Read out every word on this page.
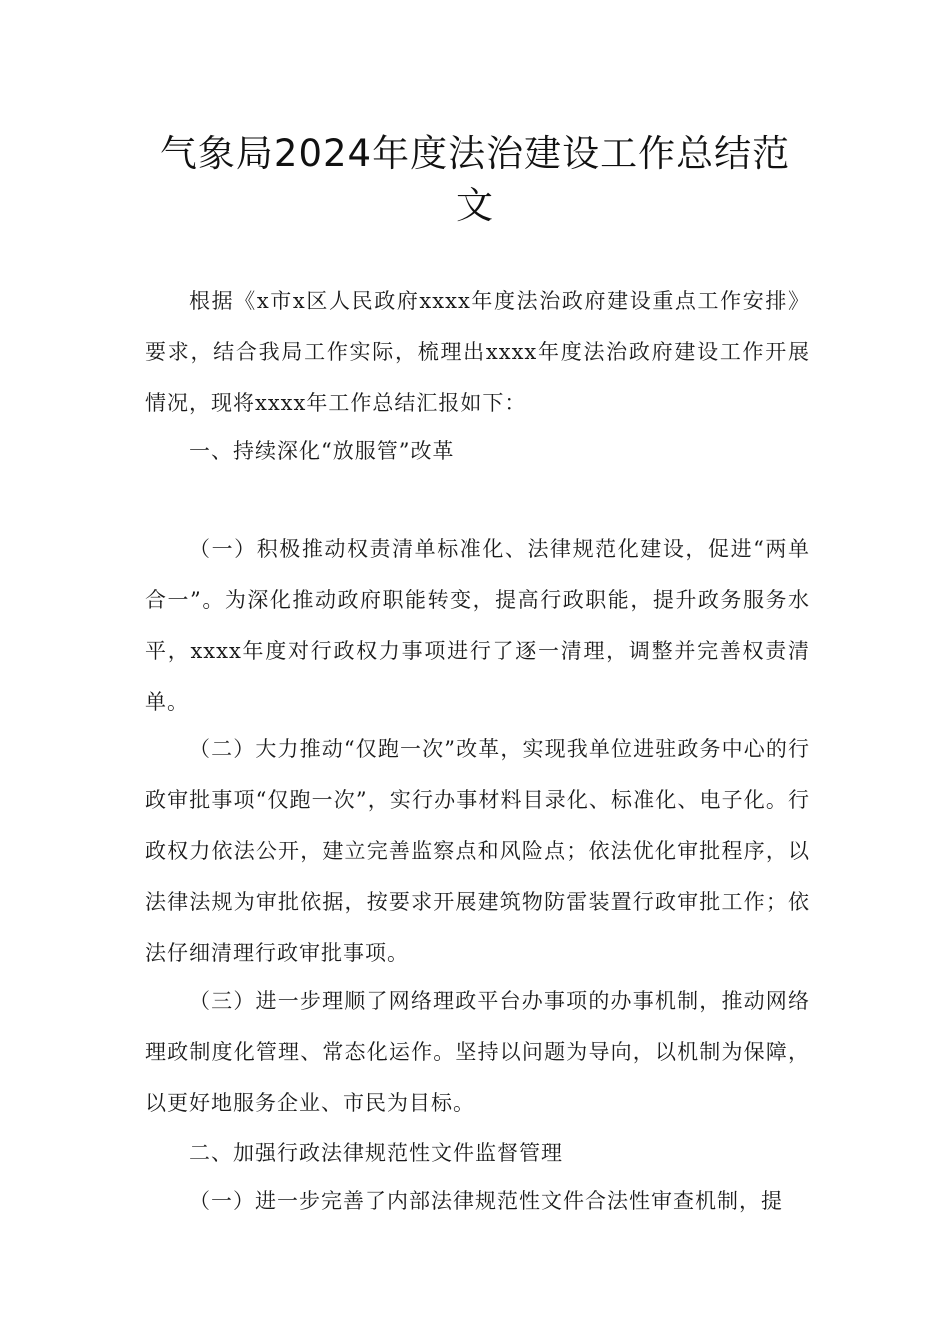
气象局2024年度法治建设工作总结范
文

根据《x市x区人民政府xxxx年度法治政府建设重点工作安排》要求，结合我局工作实际，梳理出xxxx年度法治政府建设工作开展情况，现将xxxx年工作总结汇报如下：

一、持续深化“放服管”改革

（一）积极推动权责清单标准化、法律规范化建设，促进“两单合一”。为深化推动政府职能转变，提高行政职能，提升政务服务水平，xxxx年度对行政权力事项进行了逐一清理，调整并完善权责清单。

（二）大力推动“仅跑一次”改革，实现我单位进驻政务中心的行政审批事项“仅跑一次”，实行办事材料目录化、标准化、电子化。行政权力依法公开，建立完善监察点和风险点；依法优化审批程序，以法律法规为审批依据，按要求开展建筑物防雷装置行政审批工作；依法仔细清理行政审批事项。

（三）进一步理顺了网络理政平台办事项的办事机制，推动网络理政制度化管理、常态化运作。坚持以问题为导向，以机制为保障，以更好地服务企业、市民为目标。

二、加强行政法律规范性文件监督管理

（一）进一步完善了内部法律规范性文件合法性审查机制，提
